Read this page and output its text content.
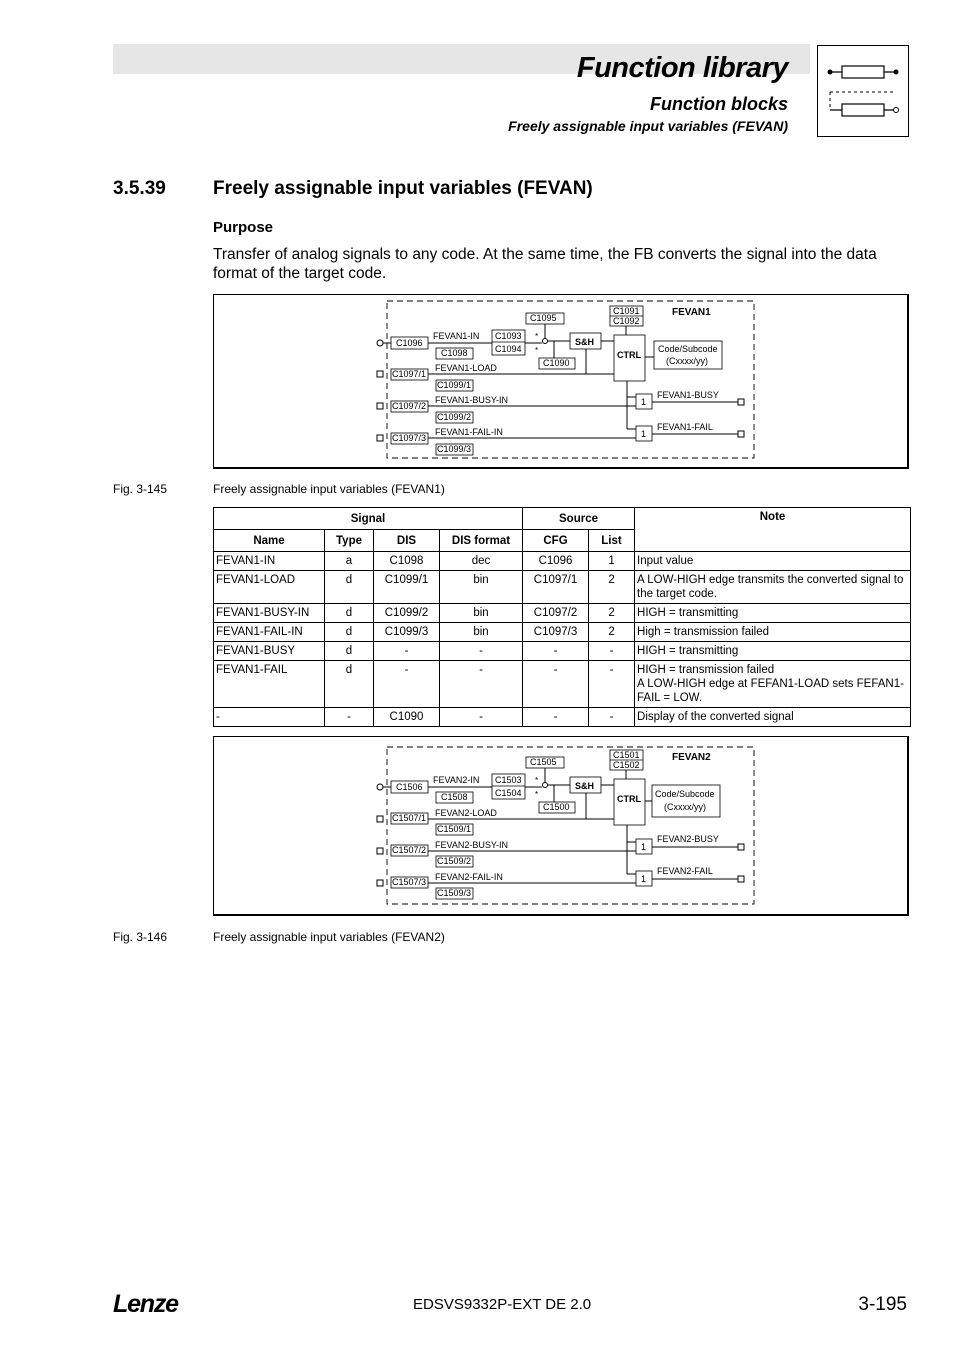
Function library
Function blocks
Freely assignable input variables (FEVAN)
3.5.39 Freely assignable input variables (FEVAN)
Purpose
Transfer of analog signals to any code. At the same time, the FB converts the signal into the data format of the target code.
FEVAN1
C1096
FEVAN1-IN
C1098
C1093
C1094
*
*
C1095
C1090
S&H
C1091
C1092
CTRL
Code/Subcode
(Cxxxx/yy)
C1097/1
FEVAN1-LOAD
C1099/1
C1097/2
FEVAN1-BUSY-IN
C1099/2
C1097/3
FEVAN1-FAIL-IN
C1099/3
1
FEVAN1-BUSY
1
FEVAN1-FAIL
Fig. 3-145	Freely assignable input variables (FEVAN1)
Signal				Source		Note
Name	Type	DIS	DIS format	CFG	List	
FEVAN1-IN	a	C1098	dec	C1096	1	Input value
FEVAN1-LOAD	d	C1099/1	bin	C1097/1	2	A LOW-HIGH edge transmits the converted signal to the target code.
FEVAN1-BUSY-IN	d	C1099/2	bin	C1097/2	2	HIGH = transmitting
FEVAN1-FAIL-IN	d	C1099/3	bin	C1097/3	2	High = transmission failed
FEVAN1-BUSY	d	-	-	-	-	HIGH = transmitting
FEVAN1-FAIL	d	-	-	-	-	HIGH = transmission failed
A LOW-HIGH edge at FEFAN1-LOAD sets FEFAN1-FAIL = LOW.
-	-	C1090	-	-	-	Display of the converted signal
FEVAN2
C1506
FEVAN2-IN
C1508
C1503
C1504
*
*
C1505
C1500
S&H
C1501
C1502
CTRL Code/Subcode
(Cxxxx/yy)
C1507/1 FEVAN2-LOAD
C1509/1
C1507/2 FEVAN2-BUSY-IN
C1509/2
C1507/3 FEVAN2-FAIL-IN
C1509/3
1
FEVAN2-BUSY
1
FEVAN2-FAIL
Fig. 3-146	Freely assignable input variables (FEVAN2)
Lenze	EDSVS9332P-EXT DE 2.0	3-195
